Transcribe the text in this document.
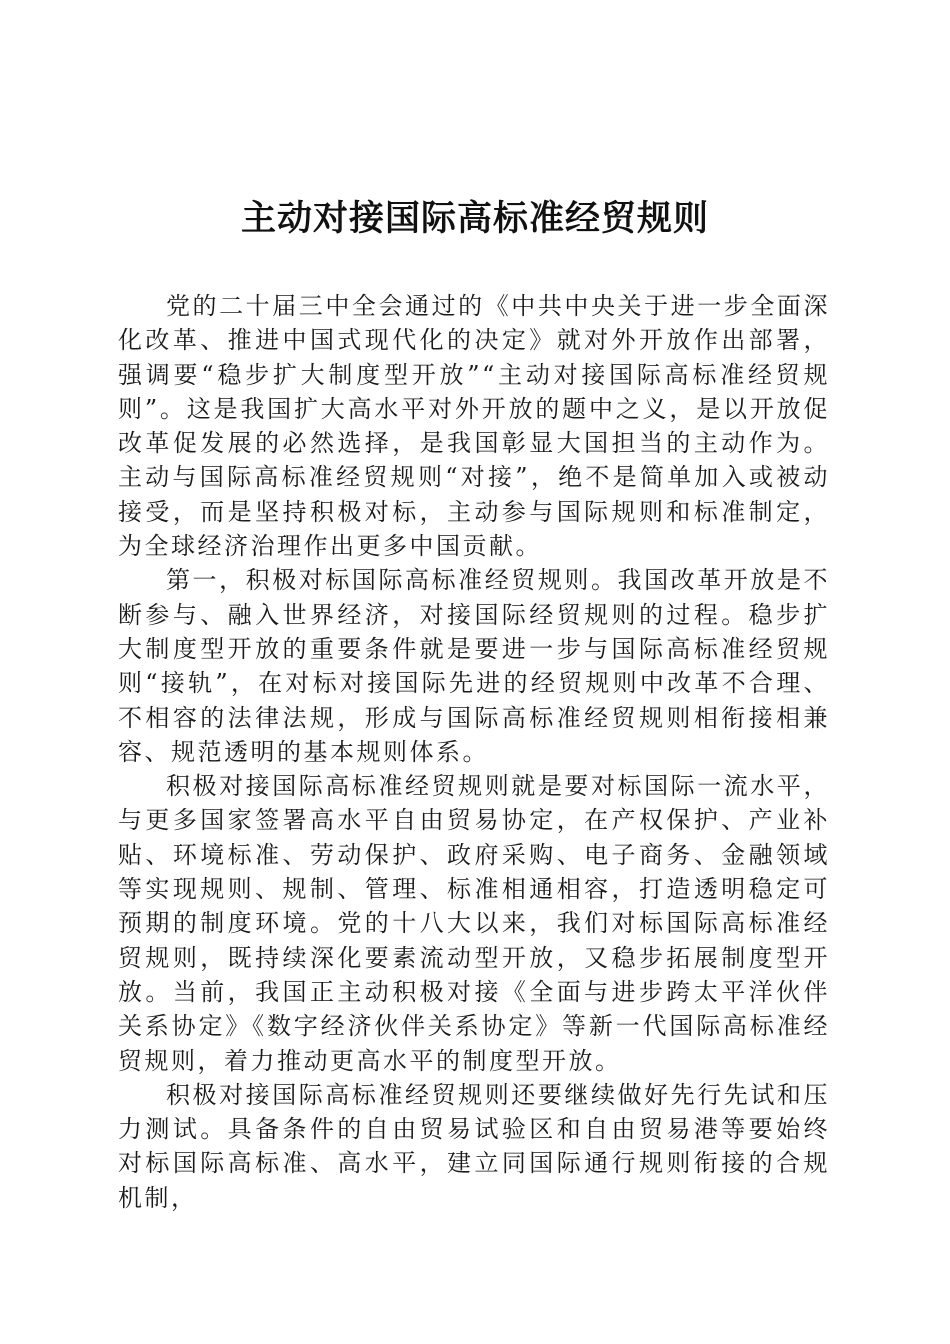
主动对接国际高标准经贸规则

党的二十届三中全会通过的《中共中央关于进一步全面深化改革、推进中国式现代化的决定》就对外开放作出部署，强调要“稳步扩大制度型开放”“主动对接国际高标准经贸规则”。这是我国扩大高水平对外开放的题中之义，是以开放促改革促发展的必然选择，是我国彰显大国担当的主动作为。主动与国际高标准经贸规则“对接”，绝不是简单加入或被动接受，而是坚持积极对标，主动参与国际规则和标准制定，为全球经济治理作出更多中国贡献。

第一，积极对标国际高标准经贸规则。我国改革开放是不断参与、融入世界经济，对接国际经贸规则的过程。稳步扩大制度型开放的重要条件就是要进一步与国际高标准经贸规则“接轨”，在对标对接国际先进的经贸规则中改革不合理、不相容的法律法规，形成与国际高标准经贸规则相衔接相兼容、规范透明的基本规则体系。

积极对接国际高标准经贸规则就是要对标国际一流水平，与更多国家签署高水平自由贸易协定，在产权保护、产业补贴、环境标准、劳动保护、政府采购、电子商务、金融领域等实现规则、规制、管理、标准相通相容，打造透明稳定可预期的制度环境。党的十八大以来，我们对标国际高标准经贸规则，既持续深化要素流动型开放，又稳步拓展制度型开放。当前，我国正主动积极对接《全面与进步跨太平洋伙伴关系协定》《数字经济伙伴关系协定》等新一代国际高标准经贸规则，着力推动更高水平的制度型开放。

积极对接国际高标准经贸规则还要继续做好先行先试和压力测试。具备条件的自由贸易试验区和自由贸易港等要始终对标国际高标准、高水平，建立同国际通行规则衔接的合规机制，
